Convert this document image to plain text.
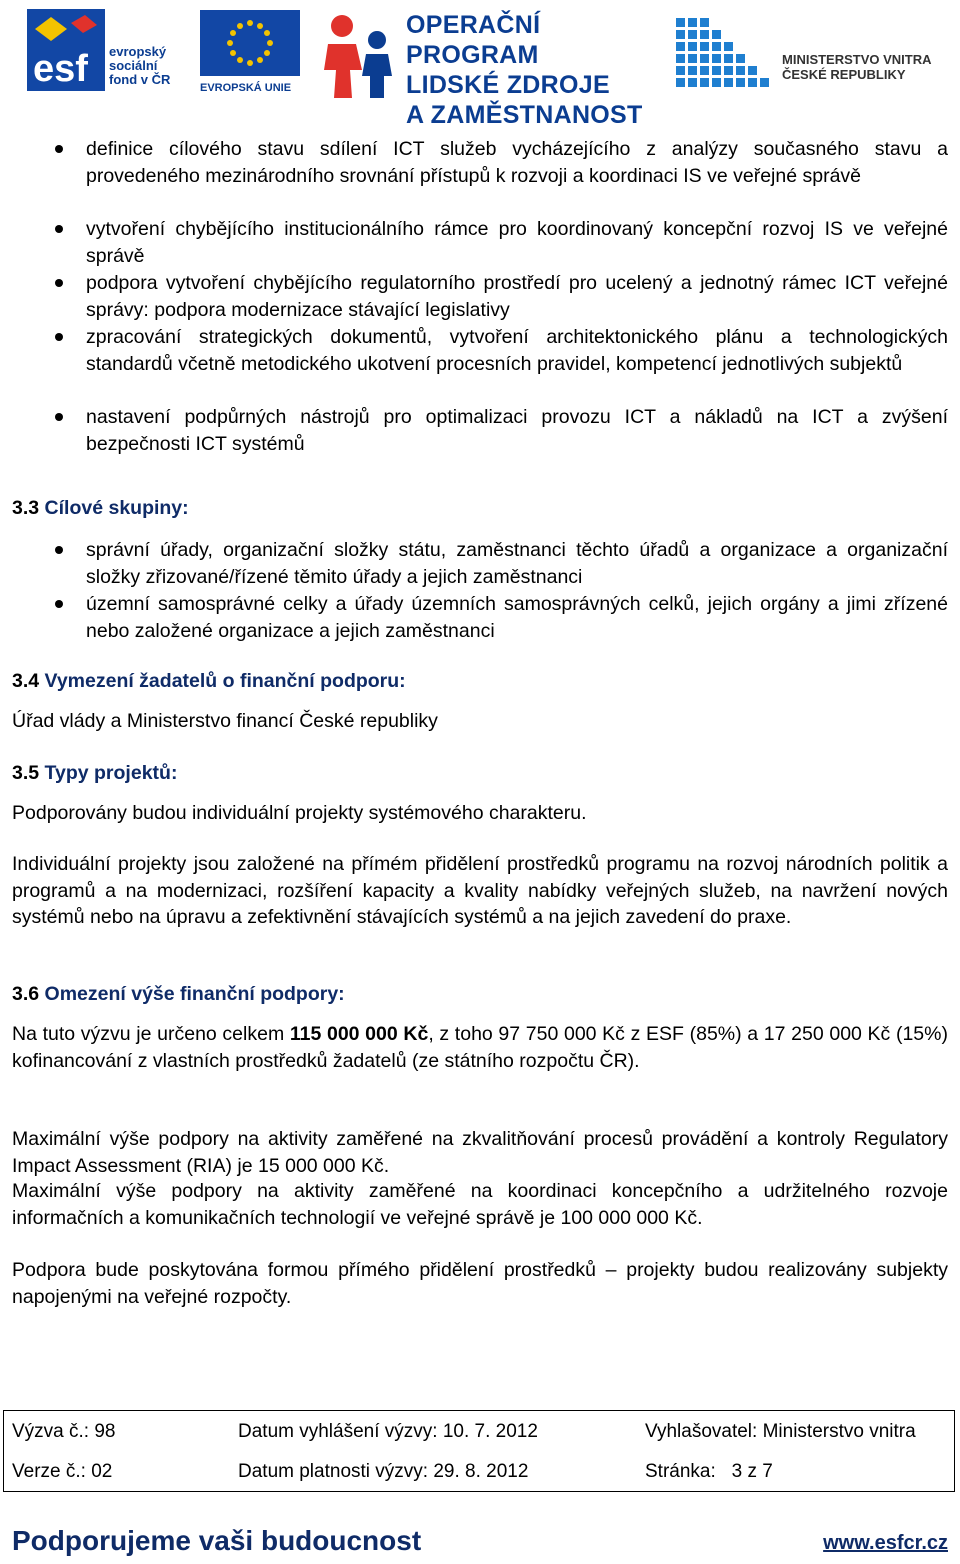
esf evropský
sociální
fond v ČR
EVROPSKÁ UNIE
OPERAČNÍ PROGRAM
LIDSKÉ ZDROJE
A ZAMĚSTNANOST
MINISTERSTVO VNITRA
ČESKÉ REPUBLIKY
definice cílového stavu sdílení ICT služeb vycházejícího z analýzy současného stavu a provedeného mezinárodního srovnání přístupů k rozvoji a koordinaci IS ve veřejné správě
vytvoření chybějícího institucionálního rámce pro koordinovaný koncepční rozvoj IS ve veřejné správě
podpora vytvoření chybějícího regulatorního prostředí pro ucelený a jednotný rámec ICT veřejné správy: podpora modernizace stávající legislativy
zpracování strategických dokumentů, vytvoření architektonického plánu a technologických standardů včetně metodického ukotvení procesních pravidel, kompetencí jednotlivých subjektů
nastavení podpůrných nástrojů pro optimalizaci provozu ICT a nákladů na ICT a zvýšení bezpečnosti ICT systémů
3.3 Cílové skupiny:
správní úřady, organizační složky státu, zaměstnanci těchto úřadů a organizace a organizační složky zřizované/řízené těmito úřady a jejich zaměstnanci
územní samosprávné celky a úřady územních samosprávných celků, jejich orgány a jimi zřízené nebo založené organizace a jejich zaměstnanci
3.4 Vymezení žadatelů o finanční podporu:
Úřad vlády a Ministerstvo financí České republiky
3.5 Typy projektů:
Podporovány budou individuální projekty systémového charakteru.
Individuální projekty jsou založené na přímém přidělení prostředků programu na rozvoj národních politik a programů a na modernizaci, rozšíření kapacity a kvality nabídky veřejných služeb, na navržení nových systémů nebo na úpravu a zefektivnění stávajících systémů a na jejich zavedení do praxe.
3.6 Omezení výše finanční podpory:
Na tuto výzvu je určeno celkem 115 000 000 Kč, z toho 97 750 000 Kč z ESF (85%) a 17 250 000 Kč (15%) kofinancování z vlastních prostředků žadatelů (ze státního rozpočtu ČR).
Maximální výše podpory na aktivity zaměřené na zkvalitňování procesů provádění a kontroly Regulatory Impact Assessment (RIA) je 15 000 000 Kč.
Maximální výše podpory na aktivity zaměřené na koordinaci koncepčního a udržitelného rozvoje informačních a komunikačních technologií ve veřejné správě je 100 000 000 Kč.
Podpora bude poskytována formou přímého přidělení prostředků – projekty budou realizovány subjekty napojenými na veřejné rozpočty.
Výzva č.: 98	Datum vyhlášení výzvy: 10. 7. 2012	Vyhlašovatel: Ministerstvo vnitra
Verze č.: 02	Datum platnosti výzvy: 29. 8. 2012	Stránka:   3 z 7
Podporujeme vaši budoucnost	www.esfcr.cz
